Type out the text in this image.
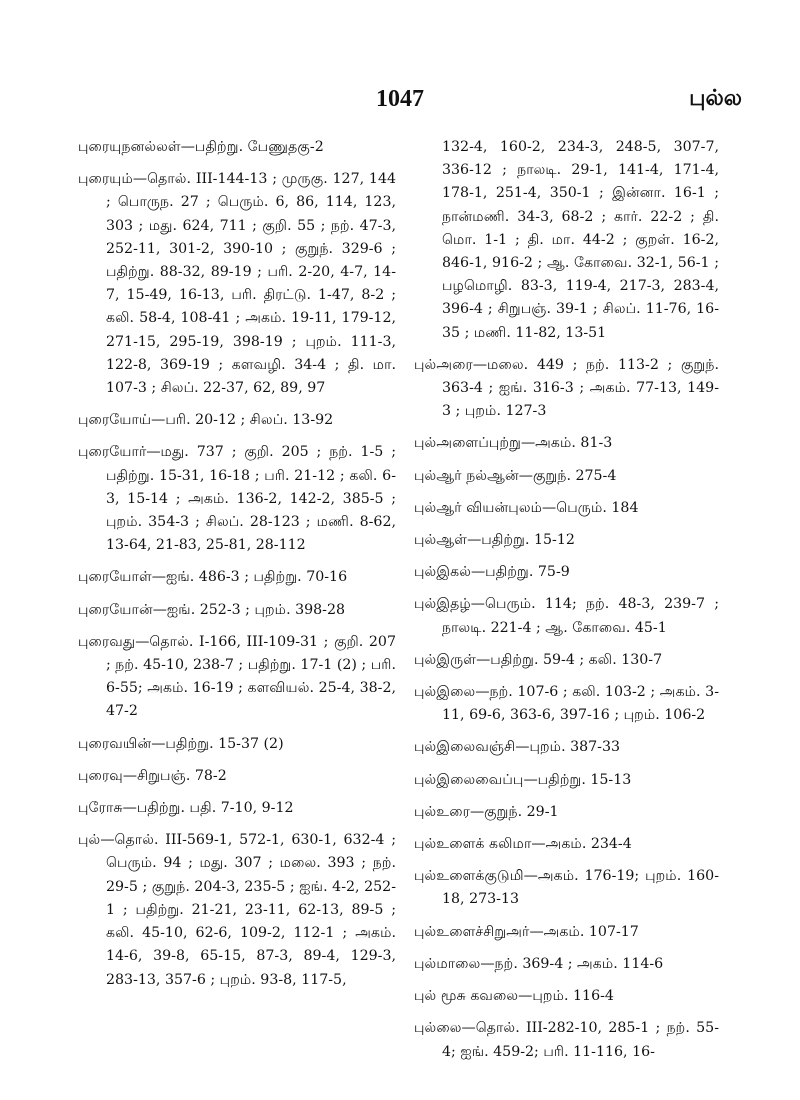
1047	புல்ல

புரையுநனல்லள்—பதிற்று. பேணுதகு-2

புரையும்—தொல். III-144-13 ; முருகு. 127, 144 ; பொருந. 27 ; பெரும். 6, 86, 114, 123, 303 ; மது. 624, 711 ; குறி. 55 ; நற். 47-3, 252-11, 301-2, 390-10 ; குறுந். 329-6 ; பதிற்று. 88-32, 89-19 ; பரி. 2-20, 4-7, 14-7, 15-49, 16-13, பரி. திரட்டு. 1-47, 8-2 ; கலி. 58-4, 108-41 ; அகம். 19-11, 179-12, 271-15, 295-19, 398-19 ; புறம். 111-3, 122-8, 369-19 ; களவழி. 34-4 ; தி. மா. 107-3 ; சிலப். 22-37, 62, 89, 97

புரையோய்—பரி. 20-12 ; சிலப். 13-92

புரையோர்—மது. 737 ; குறி. 205 ; நற். 1-5 ; பதிற்று. 15-31, 16-18 ; பரி. 21-12 ; கலி. 6-3, 15-14 ; அகம். 136-2, 142-2, 385-5 ; புறம். 354-3 ; சிலப். 28-123 ; மணி. 8-62, 13-64, 21-83, 25-81, 28-112

புரையோள்—ஐங். 486-3 ; பதிற்று. 70-16

புரையோன்—ஐங். 252-3 ; புறம். 398-28

புரைவது—தொல். I-166, III-109-31 ; குறி. 207 ; நற். 45-10, 238-7 ; பதிற்று. 17-1 (2) ; பரி. 6-55; அகம். 16-19 ; களவியல். 25-4, 38-2, 47-2

புரைவயின்—பதிற்று. 15-37 (2)

புரைவு—சிறுபஞ். 78-2

புரோசு—பதிற்று. பதி. 7-10, 9-12

புல்—தொல். III-569-1, 572-1, 630-1, 632-4 ; பெரும். 94 ; மது. 307 ; மலை. 393 ; நற். 29-5 ; குறுந். 204-3, 235-5 ; ஐங். 4-2, 252-1 ; பதிற்று. 21-21, 23-11, 62-13, 89-5 ; கலி. 45-10, 62-6, 109-2, 112-1 ; அகம். 14-6, 39-8, 65-15, 87-3, 89-4, 129-3, 283-13, 357-6 ; புறம். 93-8, 117-5,

132-4, 160-2, 234-3, 248-5, 307-7, 336-12 ; நாலடி. 29-1, 141-4, 171-4, 178-1, 251-4, 350-1 ; இன்னா. 16-1 ; நான்மணி. 34-3, 68-2 ; கார். 22-2 ; தி. மொ. 1-1 ; தி. மா. 44-2 ; குறள். 16-2, 846-1, 916-2 ; ஆ. கோவை. 32-1, 56-1 ; பழமொழி. 83-3, 119-4, 217-3, 283-4, 396-4 ; சிறுபஞ். 39-1 ; சிலப். 11-76, 16-35 ; மணி. 11-82, 13-51

புல்அரை—மலை. 449 ; நற். 113-2 ; குறுந். 363-4 ; ஐங். 316-3 ; அகம். 77-13, 149-3 ; புறம். 127-3

புல்அளைப்புற்று—அகம். 81-3

புல்ஆர் நல்ஆன்—குறுந். 275-4

புல்ஆர் வியன்புலம்—பெரும். 184

புல்ஆள்—பதிற்று. 15-12

புல்இகல்—பதிற்று. 75-9

புல்இதழ்—பெரும். 114; நற். 48-3, 239-7 ; நாலடி. 221-4 ; ஆ. கோவை. 45-1

புல்இருள்—பதிற்று. 59-4 ; கலி. 130-7

புல்இலை—நற். 107-6 ; கலி. 103-2 ; அகம். 3-11, 69-6, 363-6, 397-16 ; புறம். 106-2

புல்இலைவஞ்சி—புறம். 387-33

புல்இலைவைப்பு—பதிற்று. 15-13

புல்உரை—குறுந். 29-1

புல்உளைக் கலிமா—அகம். 234-4

புல்உளைக்குடுமி—அகம். 176-19; புறம். 160-18, 273-13

புல்உளைச்சிறுஅர்—அகம். 107-17

புல்மாலை—நற். 369-4 ; அகம். 114-6

புல் மூசு கவலை—புறம். 116-4

புல்லை—தொல். III-282-10, 285-1 ; நற். 55-4; ஐங். 459-2; பரி. 11-116, 16-
